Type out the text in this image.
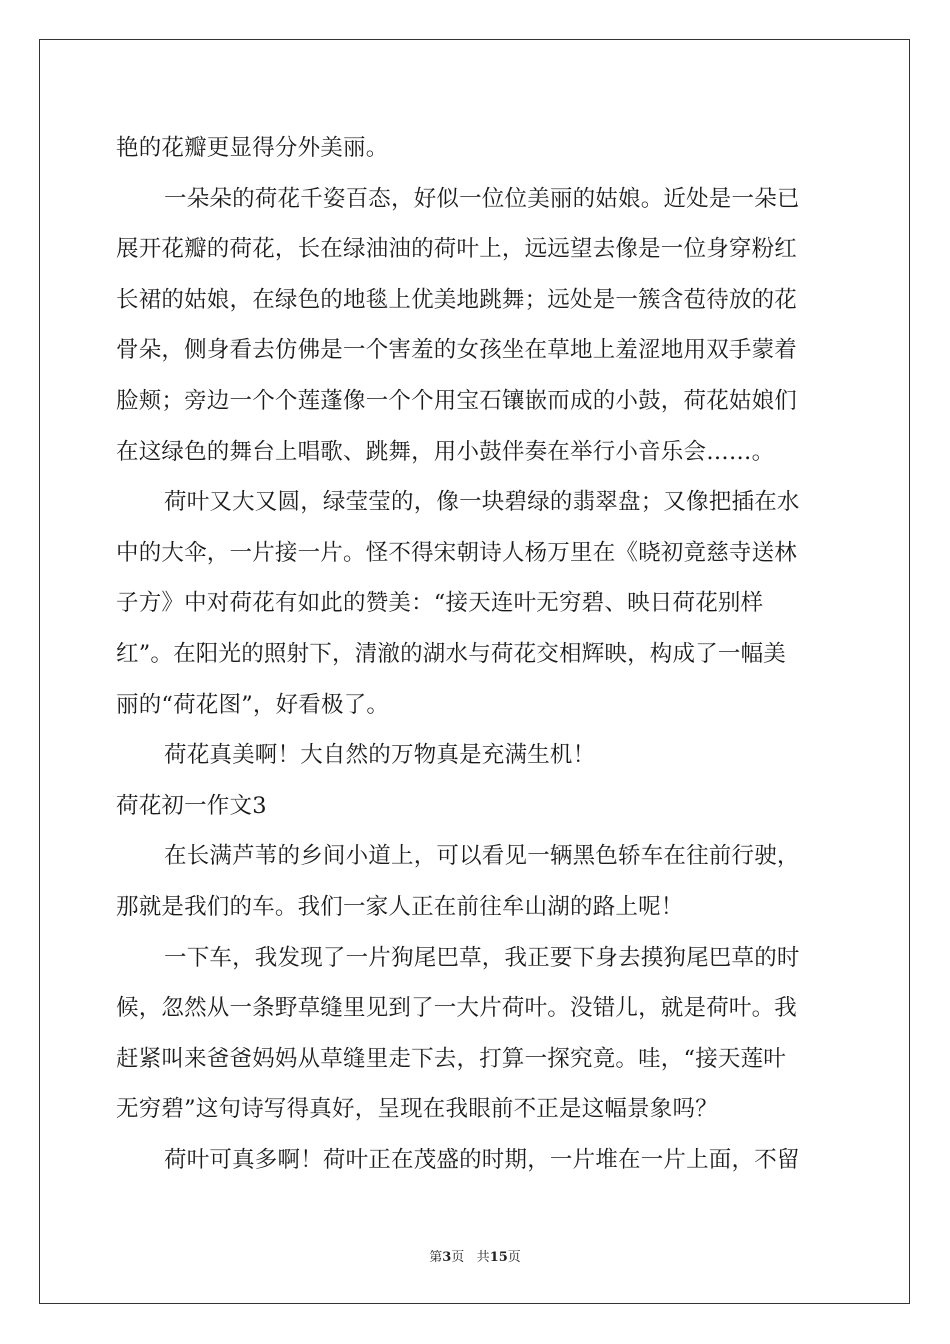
艳的花瓣更显得分外美丽。
一朵朵的荷花千姿百态，好似一位位美丽的姑娘。近处是一朵已
展开花瓣的荷花，长在绿油油的荷叶上，远远望去像是一位身穿粉红
长裙的姑娘，在绿色的地毯上优美地跳舞；远处是一簇含苞待放的花
骨朵，侧身看去仿佛是一个害羞的女孩坐在草地上羞涩地用双手蒙着
脸颊；旁边一个个莲蓬像一个个用宝石镶嵌而成的小鼓，荷花姑娘们
在这绿色的舞台上唱歌、跳舞，用小鼓伴奏在举行小音乐会……。
荷叶又大又圆，绿莹莹的，像一块碧绿的翡翠盘；又像把插在水
中的大伞，一片接一片。怪不得宋朝诗人杨万里在《晓初竟慈寺送林
子方》中对荷花有如此的赞美：“接天连叶无穷碧、映日荷花别样
红”。在阳光的照射下，清澈的湖水与荷花交相辉映，构成了一幅美
丽的“荷花图”，好看极了。
荷花真美啊！大自然的万物真是充满生机！
荷花初一作文3
在长满芦苇的乡间小道上，可以看见一辆黑色轿车在往前行驶，
那就是我们的车。我们一家人正在前往牟山湖的路上呢！
一下车，我发现了一片狗尾巴草，我正要下身去摸狗尾巴草的时
候，忽然从一条野草缝里见到了一大片荷叶。没错儿，就是荷叶。我
赶紧叫来爸爸妈妈从草缝里走下去，打算一探究竟。哇，“接天莲叶
无穷碧”这句诗写得真好，呈现在我眼前不正是这幅景象吗？
荷叶可真多啊！荷叶正在茂盛的时期，一片堆在一片上面，不留
第3页 共15页
